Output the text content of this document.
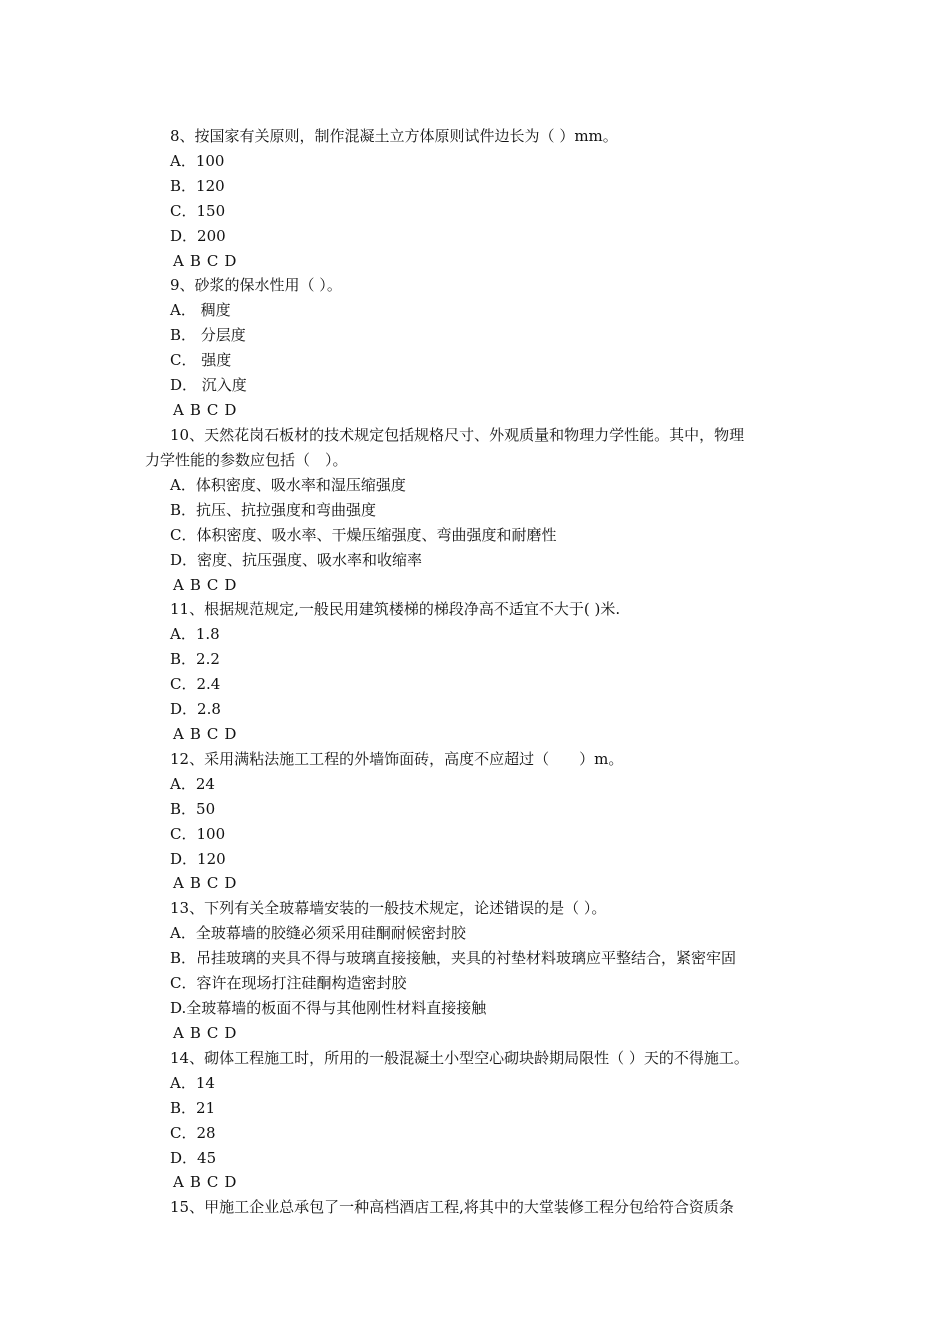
8、按国家有关原则，制作混凝土立方体原则试件边长为（ ）mm。
A．100
B．120
C．150
D．200
A B C D
9、砂浆的保水性用（ ）。
A． 稠度
B． 分层度
C． 强度
D． 沉入度
A B C D
10、天然花岗石板材的技术规定包括规格尺寸、外观质量和物理力学性能。其中，物理
力学性能的参数应包括（　）。
A．体积密度、吸水率和湿压缩强度
B．抗压、抗拉强度和弯曲强度
C．体积密度、吸水率、干燥压缩强度、弯曲强度和耐磨性
D．密度、抗压强度、吸水率和收缩率
A B C D
11、根据规范规定,一般民用建筑楼梯的梯段净高不适宜不大于( )米.
A．1.8
B．2.2
C．2.4
D．2.8
A B C D
12、采用满粘法施工工程的外墙饰面砖，高度不应超过（　　）m。
A．24
B．50
C．100
D．120
A B C D
13、下列有关全玻幕墙安装的一般技术规定，论述错误的是（ ）。
A．全玻幕墙的胶缝必须采用硅酮耐候密封胶
B．吊挂玻璃的夹具不得与玻璃直接接触，夹具的衬垫材料玻璃应平整结合，紧密牢固
C．容许在现场打注硅酮构造密封胶
D.全玻幕墙的板面不得与其他刚性材料直接接触
A B C D
14、砌体工程施工时，所用的一般混凝土小型空心砌块龄期局限性（ ）天的不得施工。
A．14
B．21
C．28
D．45
A B C D
15、甲施工企业总承包了一种高档酒店工程,将其中的大堂装修工程分包给符合资质条
